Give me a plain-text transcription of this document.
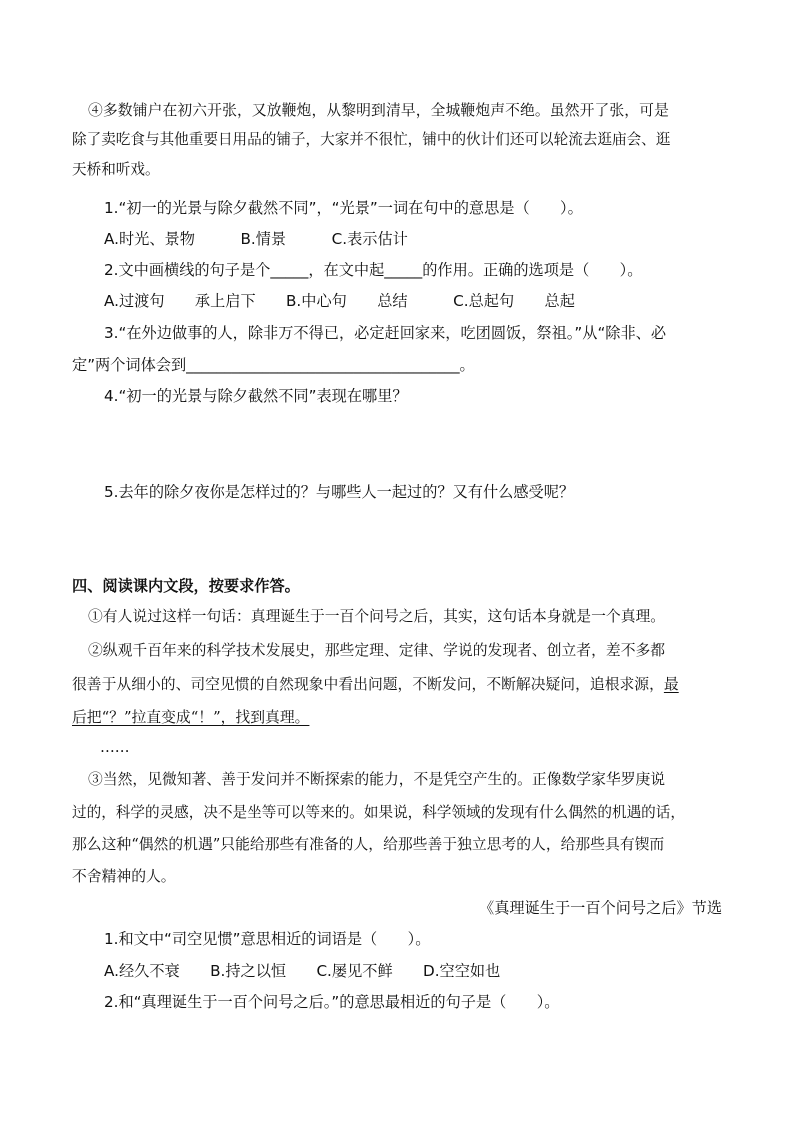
④多数铺户在初六开张，又放鞭炮，从黎明到清早，全城鞭炮声不绝。虽然开了张，可是
除了卖吃食与其他重要日用品的铺子，大家并不很忙，铺中的伙计们还可以轮流去逛庙会、逛
天桥和听戏。
1.“初一的光景与除夕截然不同”，“光景”一词在句中的意思是（　　）。
A.时光、景物　　　B.情景　　　C.表示估计
2.文中画横线的句子是个_____，在文中起_____的作用。正确的选项是（　　）。
A.过渡句　　承上启下　　B.中心句　　总结　　　C.总起句　　总起
3.“在外边做事的人，除非万不得已，必定赶回家来，吃团圆饭，祭祖。”从“除非、必
定”两个词体会到____________________________________。
4.“初一的光景与除夕截然不同”表现在哪里？
5.去年的除夕夜你是怎样过的？与哪些人一起过的？又有什么感受呢？
四、阅读课内文段，按要求作答。
①有人说过这样一句话：真理诞生于一百个问号之后，其实，这句话本身就是一个真理。
②纵观千百年来的科学技术发展史，那些定理、定律、学说的发现者、创立者，差不多都
很善于从细小的、司空见惯的自然现象中看出问题，不断发问，不断解决疑问，追根求源，最
后把“？”拉直变成“！”，找到真理。
……
③当然，见微知著、善于发问并不断探索的能力，不是凭空产生的。正像数学家华罗庚说
过的，科学的灵感，决不是坐等可以等来的。如果说，科学领域的发现有什么偶然的机遇的话，
那么这种“偶然的机遇”只能给那些有准备的人，给那些善于独立思考的人，给那些具有锲而
不舍精神的人。
《真理诞生于一百个问号之后》节选
1.和文中“司空见惯”意思相近的词语是（　　）。
A.经久不衰　　B.持之以恒　　C.屡见不鲜　　D.空空如也
2.和“真理诞生于一百个问号之后。”的意思最相近的句子是（　　）。
